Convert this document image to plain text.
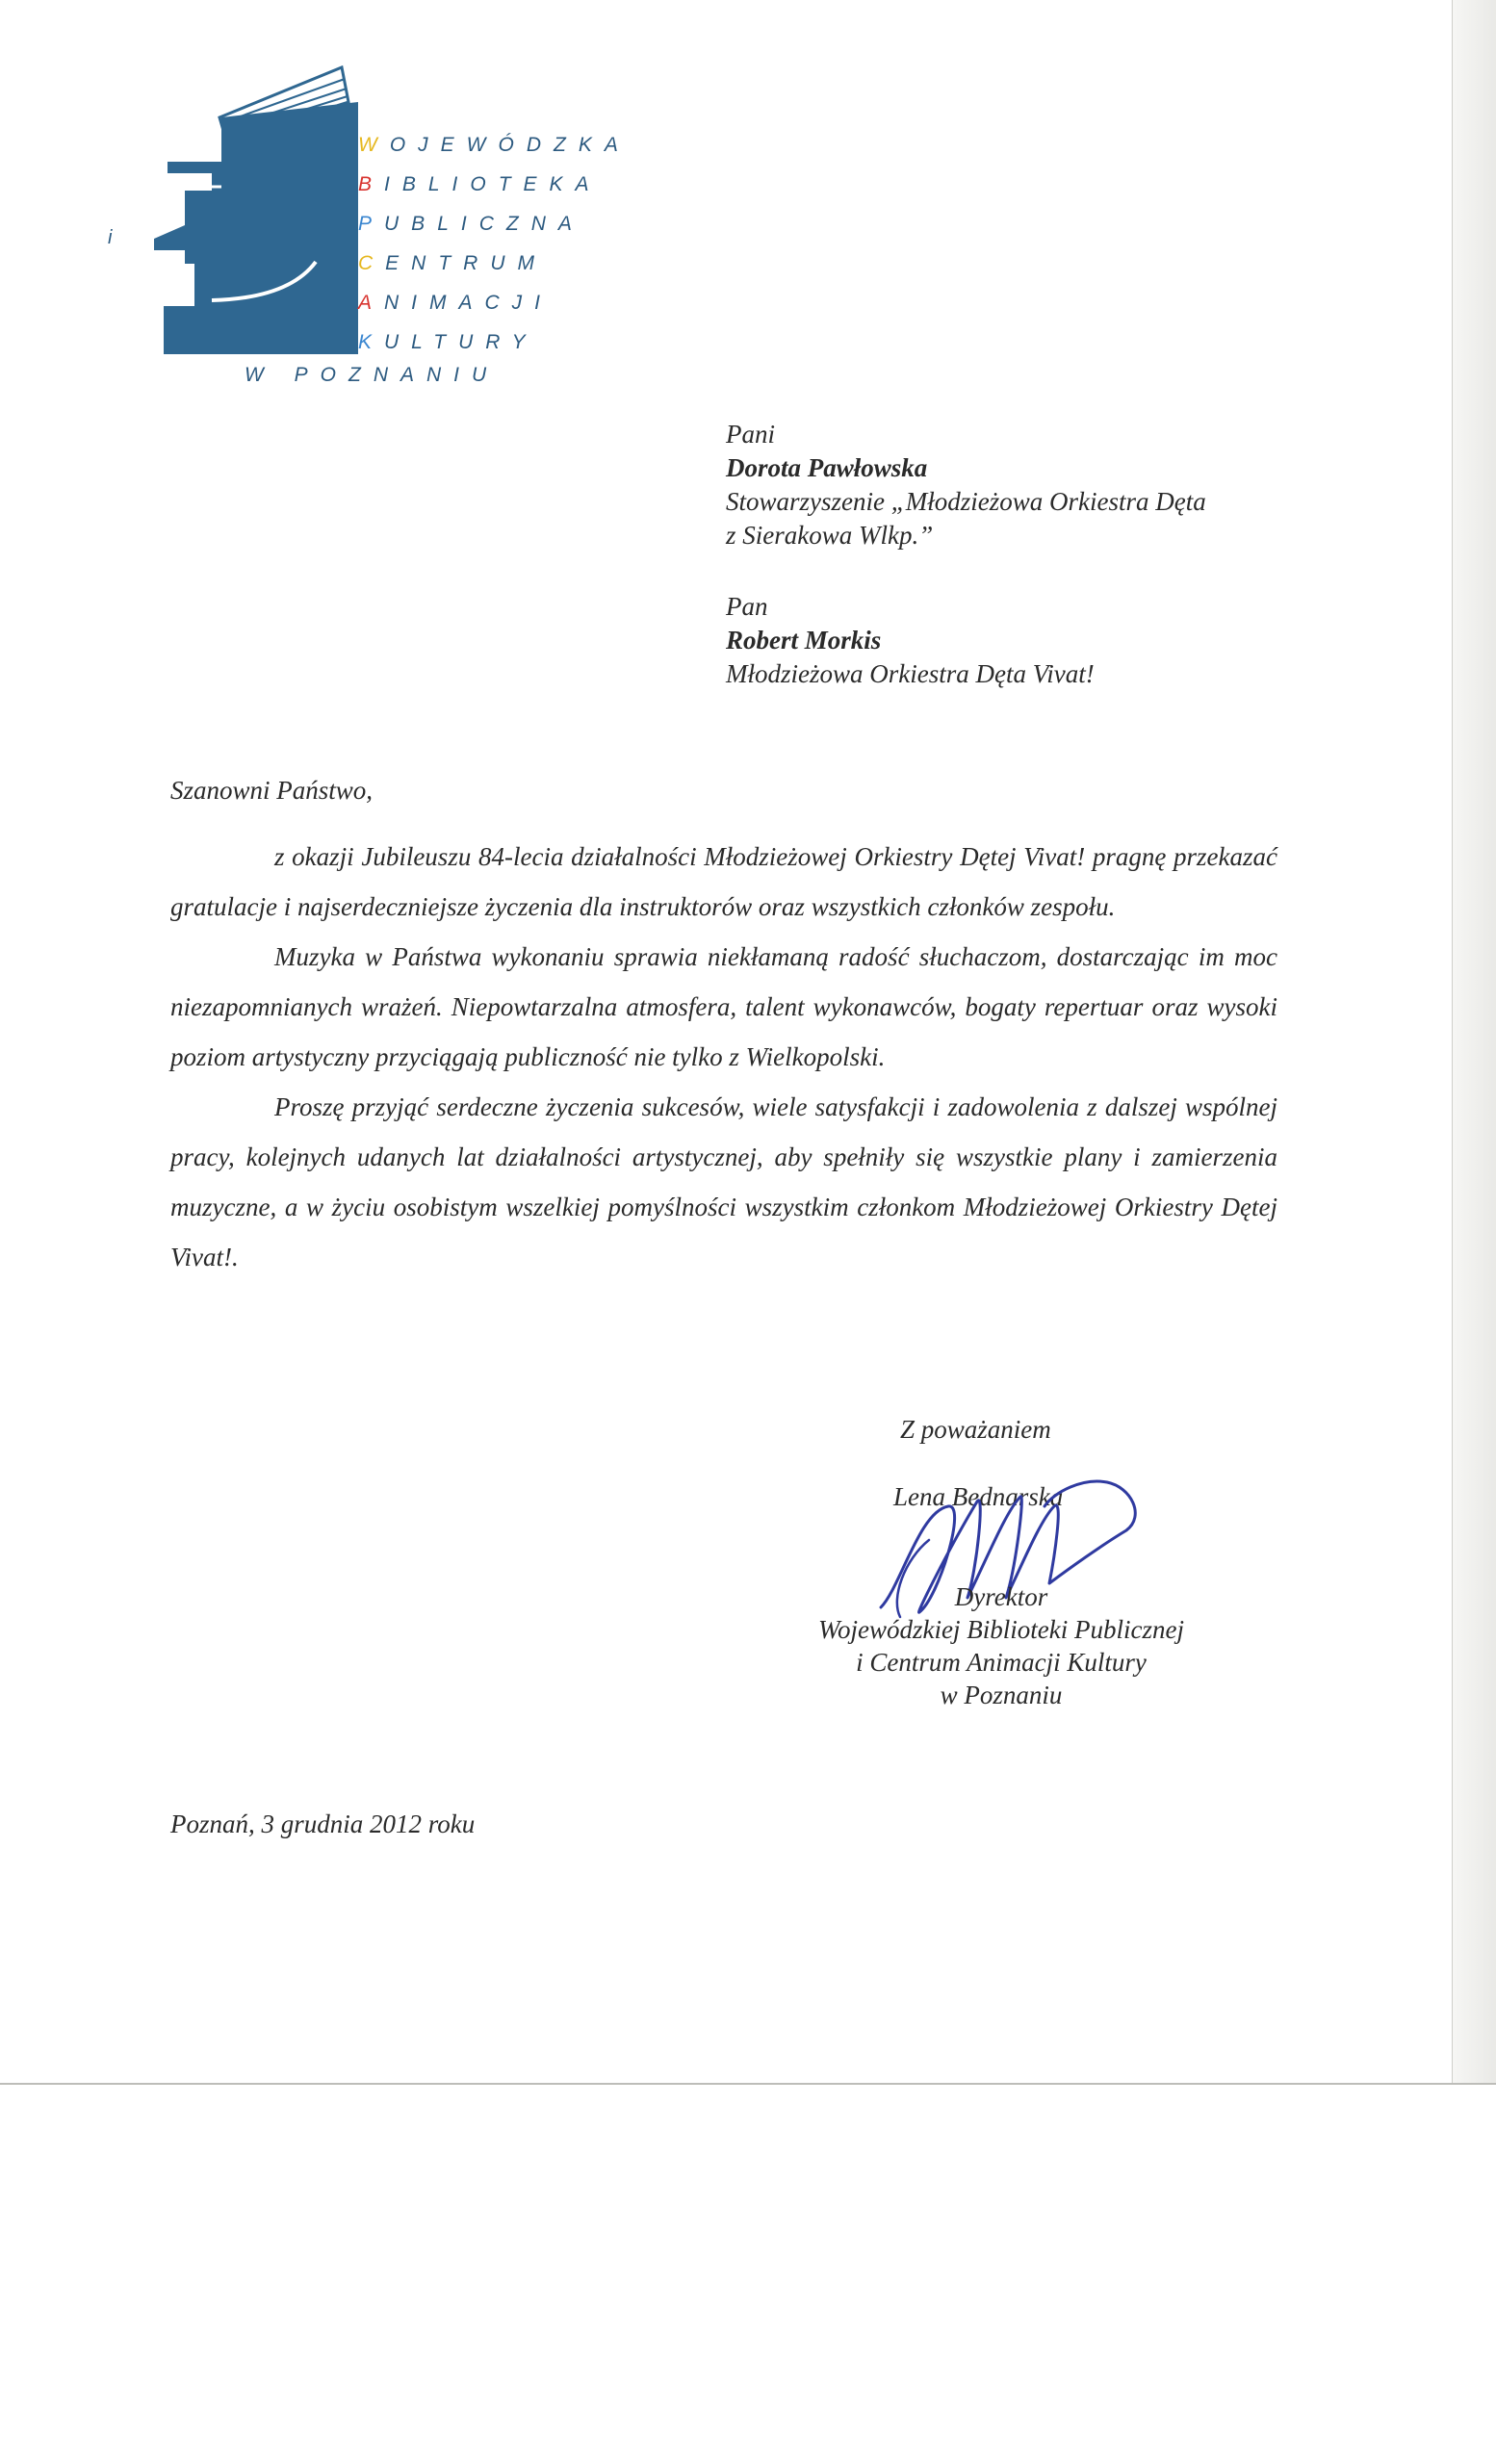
i
WOJEWÓDZKA
BIBLIOTEKA
PUBLICZNA
CENTRUM
ANIMACJI
KULTURY
W POZNANIU
Pani
Dorota Pawłowska
Stowarzyszenie „Młodzieżowa Orkiestra Dęta
z Sierakowa Wlkp.”
Pan
Robert Morkis
Młodzieżowa Orkiestra Dęta Vivat!
Szanowni Państwo,

z okazji Jubileuszu 84-lecia działalności Młodzieżowej Orkiestry Dętej Vivat! pragnę przekazać gratulacje i najserdeczniejsze życzenia dla instruktorów oraz wszystkich członków zespołu.

Muzyka w Państwa wykonaniu sprawia niekłamaną radość słuchaczom, dostarczając im moc niezapomnianych wrażeń. Niepowtarzalna atmosfera, talent wykonawców, bogaty repertuar oraz wysoki poziom artystyczny przyciągają publiczność nie tylko z Wielkopolski.

Proszę przyjąć serdeczne życzenia sukcesów, wiele satysfakcji i zadowolenia z dalszej wspólnej pracy, kolejnych udanych lat działalności artystycznej, aby spełniły się wszystkie plany i zamierzenia muzyczne, a w życiu osobistym wszelkiej pomyślności wszystkim członkom Młodzieżowej Orkiestry Dętej Vivat!.

Z poważaniem
Lena Bednarska
Dyrektor
Wojewódzkiej Biblioteki Publicznej
i Centrum Animacji Kultury
w Poznaniu
Poznań, 3 grudnia 2012 roku
